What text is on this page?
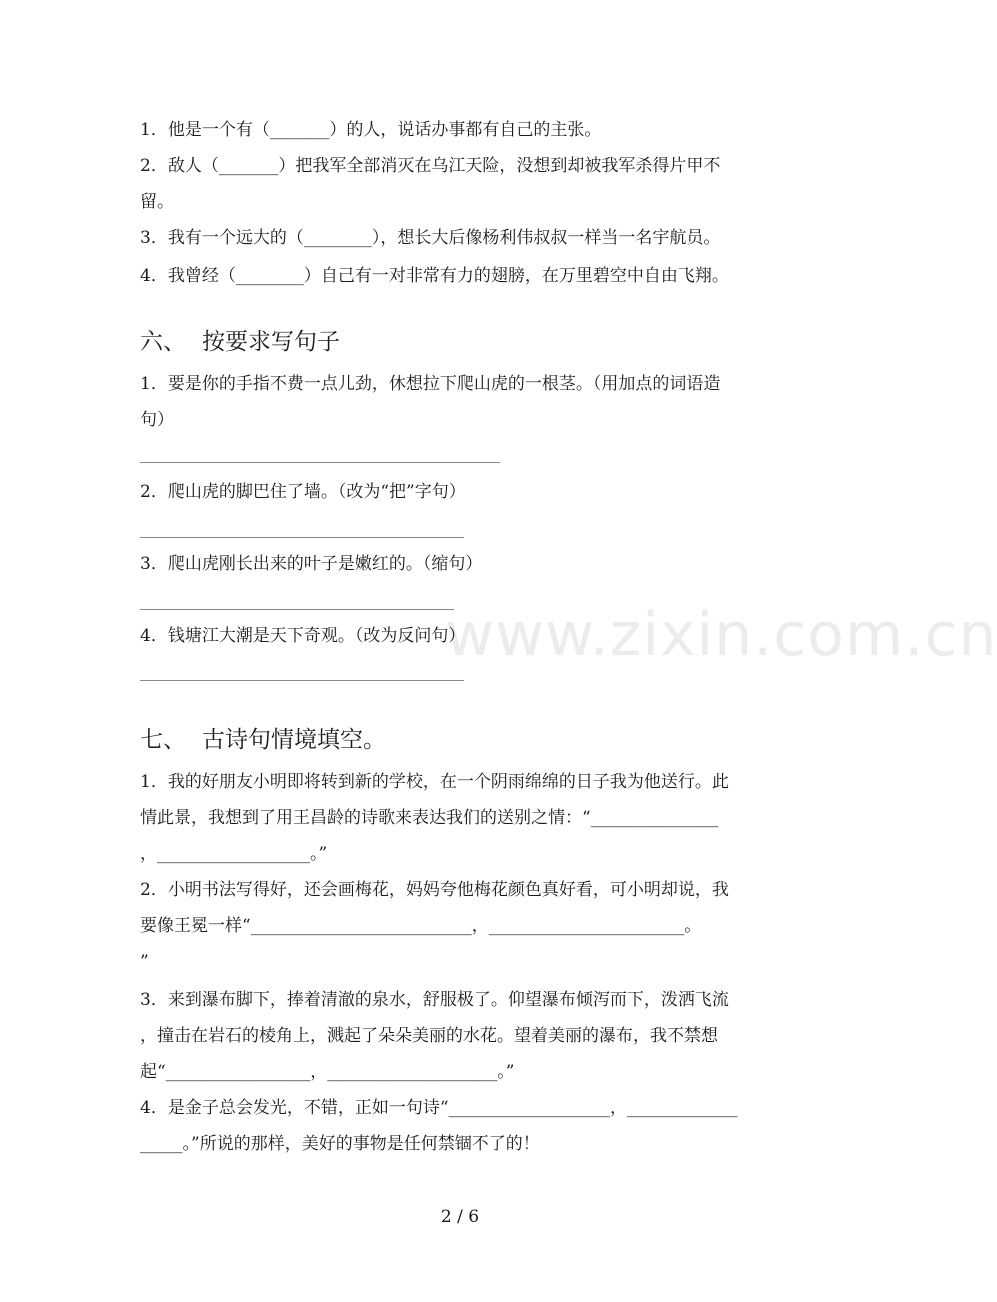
www.zixin.com.cn
1．他是一个有（_______）的人，说话办事都有自己的主张。
2．敌人（_______）把我军全部消灭在乌江天险，没想到却被我军杀得片甲不
留。
3．我有一个远大的（________），想长大后像杨利伟叔叔一样当一名宇航员。
4．我曾经（________）自己有一对非常有力的翅膀，在万里碧空中自由飞翔。
六、 按要求写句子
1．要是你的手指不费一点儿劲，休想拉下爬山虎的一根茎。（用加点的词语造
句）
2．爬山虎的脚巴住了墙。（改为“把”字句）
3．爬山虎刚长出来的叶子是嫩红的。（缩句）
4．钱塘江大潮是天下奇观。（改为反问句）
七、 古诗句情境填空。
1．我的好朋友小明即将转到新的学校，在一个阴雨绵绵的日子我为他送行。此
情此景，我想到了用王昌龄的诗歌来表达我们的送别之情：“_______________
，__________________。”
2．小明书法写得好，还会画梅花，妈妈夸他梅花颜色真好看，可小明却说，我
要像王冕一样“__________________________，_______________________。
”
3．来到瀑布脚下，捧着清澈的泉水，舒服极了。仰望瀑布倾泻而下，泼洒飞流
，撞击在岩石的棱角上，溅起了朵朵美丽的水花。望着美丽的瀑布，我不禁想
起“_________________，____________________。”
4．是金子总会发光，不错，正如一句诗“___________________，_____________
_____。”所说的那样，美好的事物是任何禁锢不了的！
2 / 6
